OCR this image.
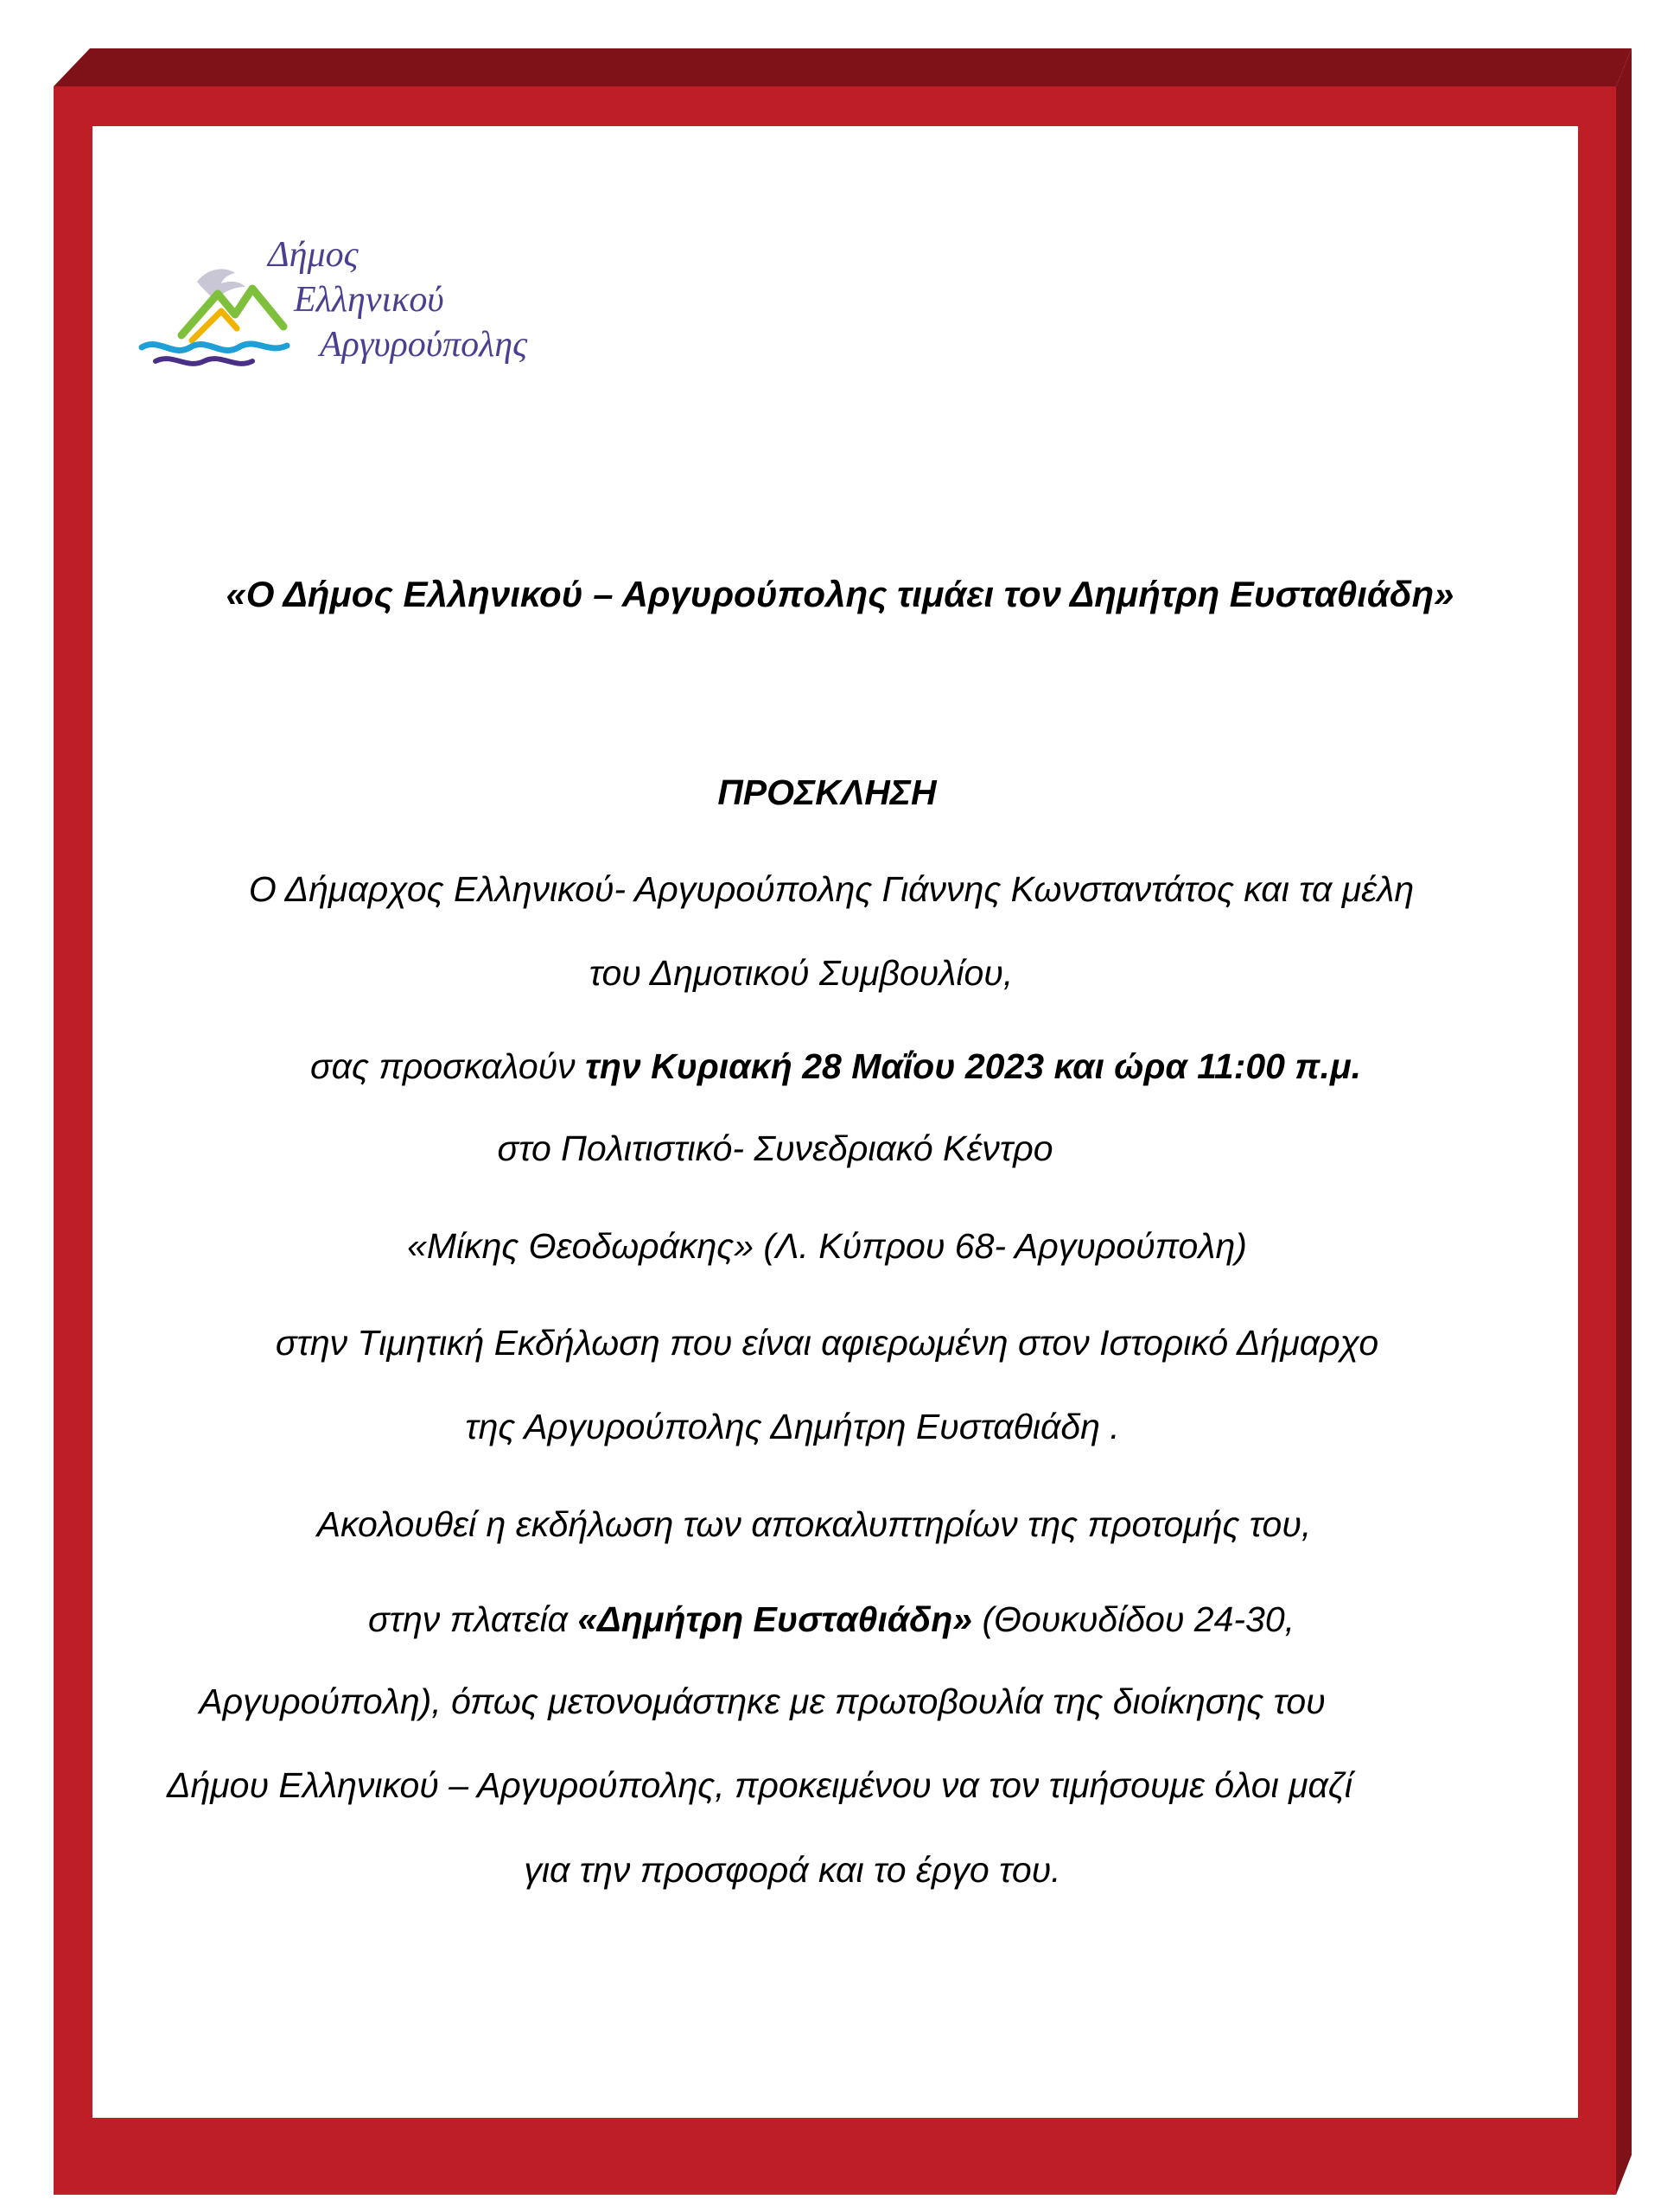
Δήμος
Ελληνικού
Αργυρούπολης
«Ο Δήμος Ελληνικού – Αργυρούπολης τιμάει τον Δημήτρη Ευσταθιάδη»
ΠΡΟΣΚΛΗΣΗ
Ο Δήμαρχος Ελληνικού- Αργυρούπολης Γιάννης Κωνσταντάτος και τα μέλη
του Δημοτικού Συμβουλίου,
σας προσκαλούν την Κυριακή 28 Μαΐου 2023 και ώρα 11:00 π.μ.
στο Πολιτιστικό- Συνεδριακό Κέντρο
«Μίκης Θεοδωράκης» (Λ. Κύπρου 68- Αργυρούπολη)
στην Τιμητική Εκδήλωση που είναι αφιερωμένη στον Ιστορικό Δήμαρχο
της Αργυρούπολης Δημήτρη Ευσταθιάδη .
Ακολουθεί η εκδήλωση των αποκαλυπτηρίων της προτομής του,
στην πλατεία «Δημήτρη Ευσταθιάδη» (Θουκυδίδου 24-30,
Αργυρούπολη), όπως μετονομάστηκε με πρωτοβουλία της διοίκησης του
Δήμου Ελληνικού – Αργυρούπολης, προκειμένου να τον τιμήσουμε όλοι μαζί
για την προσφορά και το έργο του.
